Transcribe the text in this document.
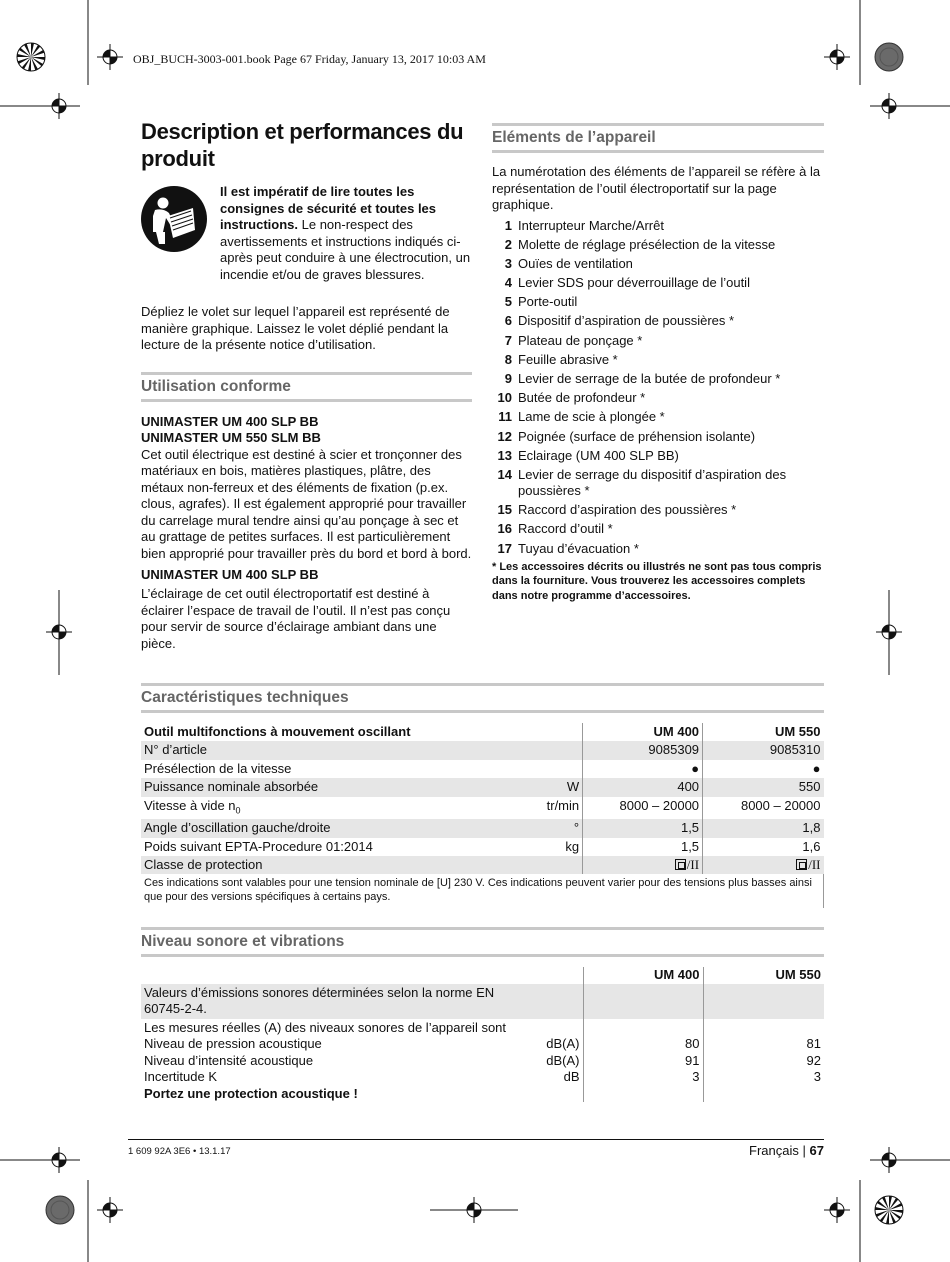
OBJ_BUCH-3003-001.book Page 67 Friday, January 13, 2017 10:03 AM
Description et performances du produit
Il est impératif de lire toutes les consignes de sécurité et toutes les instructions. Le non-respect des avertissements et instructions indiqués ci-après peut conduire à une électrocution, un incendie et/ou de graves blessures.

Dépliez le volet sur lequel l’appareil est représenté de manière graphique. Laissez le volet déplié pendant la lecture de la présente notice d’utilisation.

Utilisation conforme
UNIMASTER UM 400 SLP BB
UNIMASTER UM 550 SLM BB

Cet outil électrique est destiné à scier et tronçonner des matériaux en bois, matières plastiques, plâtre, des métaux non-ferreux et des éléments de fixation (p.ex. clous, agrafes). Il est également approprié pour travailler du carrelage mural tendre ainsi qu’au ponçage à sec et au grattage de petites surfaces. Il est particulièrement bien approprié pour travailler près du bord et bord à bord.

UNIMASTER UM 400 SLP BB

L’éclairage de cet outil électroportatif est destiné à éclairer l’espace de travail de l’outil. Il n’est pas conçu pour servir de source d’éclairage ambiant dans une pièce.

Eléments de l’appareil

La numérotation des éléments de l’appareil se réfère à la représentation de l’outil électroportatif sur la page graphique.

1 Interrupteur Marche/Arrêt
2 Molette de réglage présélection de la vitesse
3 Ouïes de ventilation
4 Levier SDS pour déverrouillage de l’outil
5 Porte-outil
6 Dispositif d’aspiration de poussières *
7 Plateau de ponçage *
8 Feuille abrasive *
9 Levier de serrage de la butée de profondeur *
10 Butée de profondeur *
11 Lame de scie à plongée *
12 Poignée (surface de préhension isolante)
13 Eclairage (UM 400 SLP BB)
14 Levier de serrage du dispositif d’aspiration des poussières *
15 Raccord d’aspiration des poussières *
16 Raccord d’outil *
17 Tuyau d’évacuation *

* Les accessoires décrits ou illustrés ne sont pas tous compris dans la fourniture. Vous trouverez les accessoires complets dans notre programme d’accessoires.

Caractéristiques techniques
Outil multifonctions à mouvement oscillant		UM 400	UM 550
N° d’article		9085309	9085310
Présélection de la vitesse		●	●
Puissance nominale absorbée	W	400	550
Vitesse à vide $n_0$	tr/min	8000 – 20000	8000 – 20000
Angle d’oscillation gauche/droite	°	1,5	1,8
Poids suivant EPTA-Procedure 01:2014	kg	1,5	1,6
Classe de protection		/II	/II
Ces indications sont valables pour une tension nominale de [U] 230 V. Ces indications peuvent varier pour des tensions plus basses ainsi que pour des versions spécifiques à certains pays.			
Niveau sonore et vibrations
		UM 400	UM 550
Valeurs d’émissions sonores déterminées selon la norme EN 60745-2-4.			
Les mesures réelles (A) des niveaux sonores de l’appareil sont			
Niveau de pression acoustique	dB(A)	80	81
Niveau d’intensité acoustique	dB(A)	91	92
Incertitude K	dB	3	3
Portez une protection acoustique !			
1 609 92A 3E6 • 13.1.17	Français | 67
